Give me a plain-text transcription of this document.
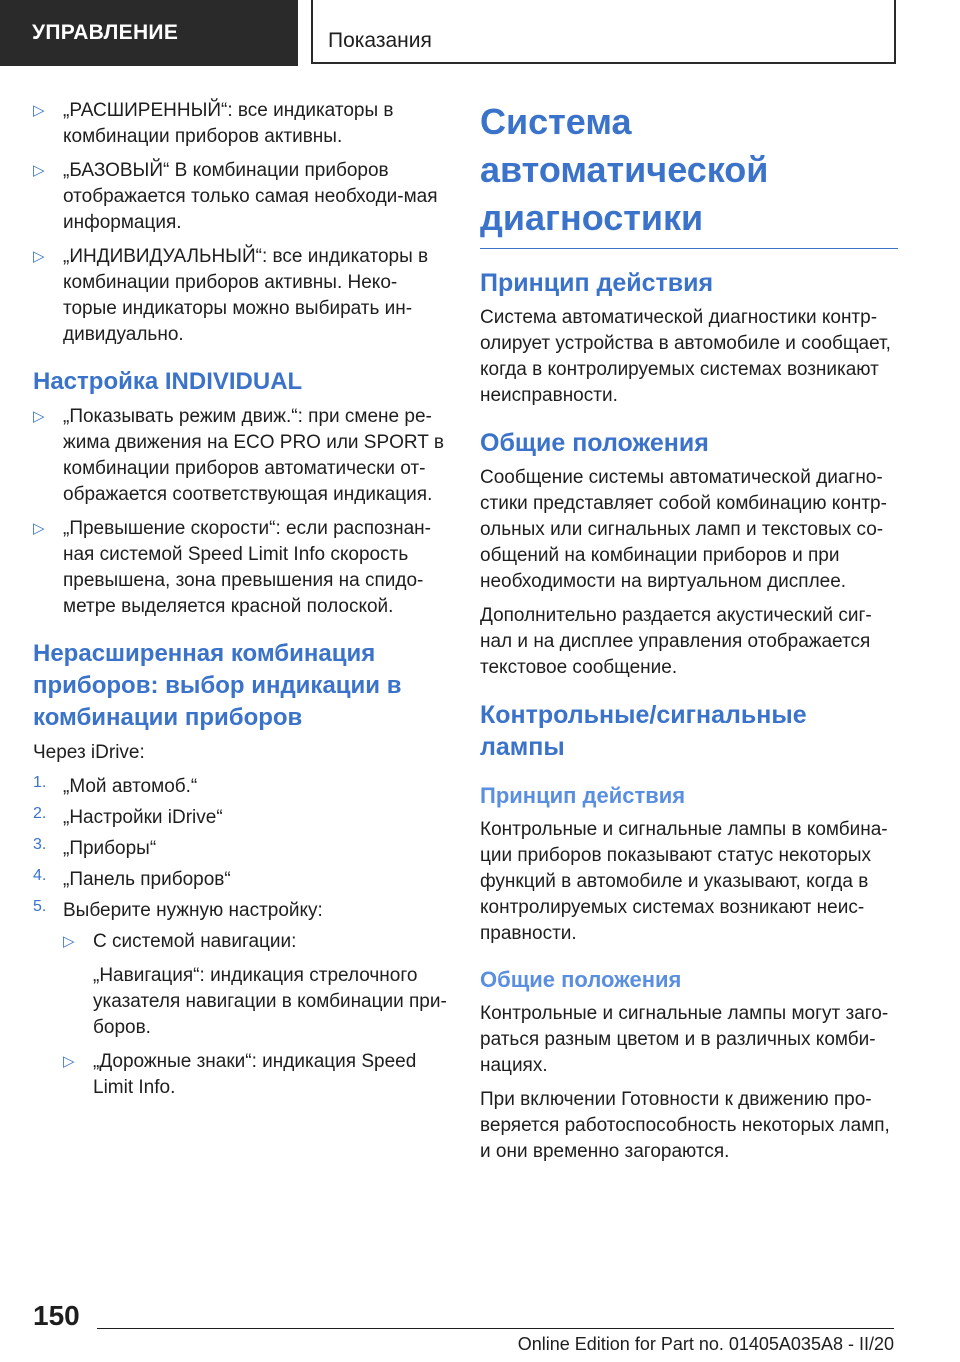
УПРАВЛЕНИЕ	Показания
▷ „РАСШИРЕННЫЙ“: все индикаторы в комбинации приборов активны.

▷ „БАЗОВЫЙ“ В комбинации приборов отображается только самая необходи-мая информация.

▷ „ИНДИВИДУАЛЬНЫЙ“: все индикаторы в комбинации приборов активны. Неко-торые индикаторы можно выбирать ин-дивидуально.

Настройка INDIVIDUAL
▷ „Показывать режим движ.“: при смене ре-жима движения на ECO PRO или SPORT в комбинации приборов автоматически от-ображается соответствующая индикация.

▷ „Превышение скорости“: если распознан-ная системой Speed Limit Info скорость превышена, зона превышения на спидо-метре выделяется красной полоской.

Нерасширенная комбинация приборов: выбор индикации в комбинации приборов

Через iDrive:

1. „Мой автомоб.“

2. „Настройки iDrive“

3. „Приборы“

4. „Панель приборов“

5. Выберите нужную настройку:

▷ С системой навигации:

„Навигация“: индикация стрелочного указателя навигации в комбинации при-боров.

▷ „Дорожные знаки“: индикация Speed Limit Info.

Система автоматической диагностики
Принцип действия

Система автоматической диагностики контр-олирует устройства в автомобиле и сообщает, когда в контролируемых системах возникают неисправности.

Общие положения

Сообщение системы автоматической диагно-стики представляет собой комбинацию контр-ольных или сигнальных ламп и текстовых со-общений на комбинации приборов и при необходимости на виртуальном дисплее.

Дополнительно раздается акустический сиг-нал и на дисплее управления отображается текстовое сообщение.

Контрольные/сигнальные лампы
Принцип действия

Контрольные и сигнальные лампы в комбина-ции приборов показывают статус некоторых функций в автомобиле и указывают, когда в контролируемых системах возникают неис-правности.

Общие положения

Контрольные и сигнальные лампы могут заго-раться разным цветом и в различных комби-нациях.

При включении Готовности к движению про-веряется работоспособность некоторых ламп, и они временно загораются.

150
Online Edition for Part no. 01405A035A8 - II/20
